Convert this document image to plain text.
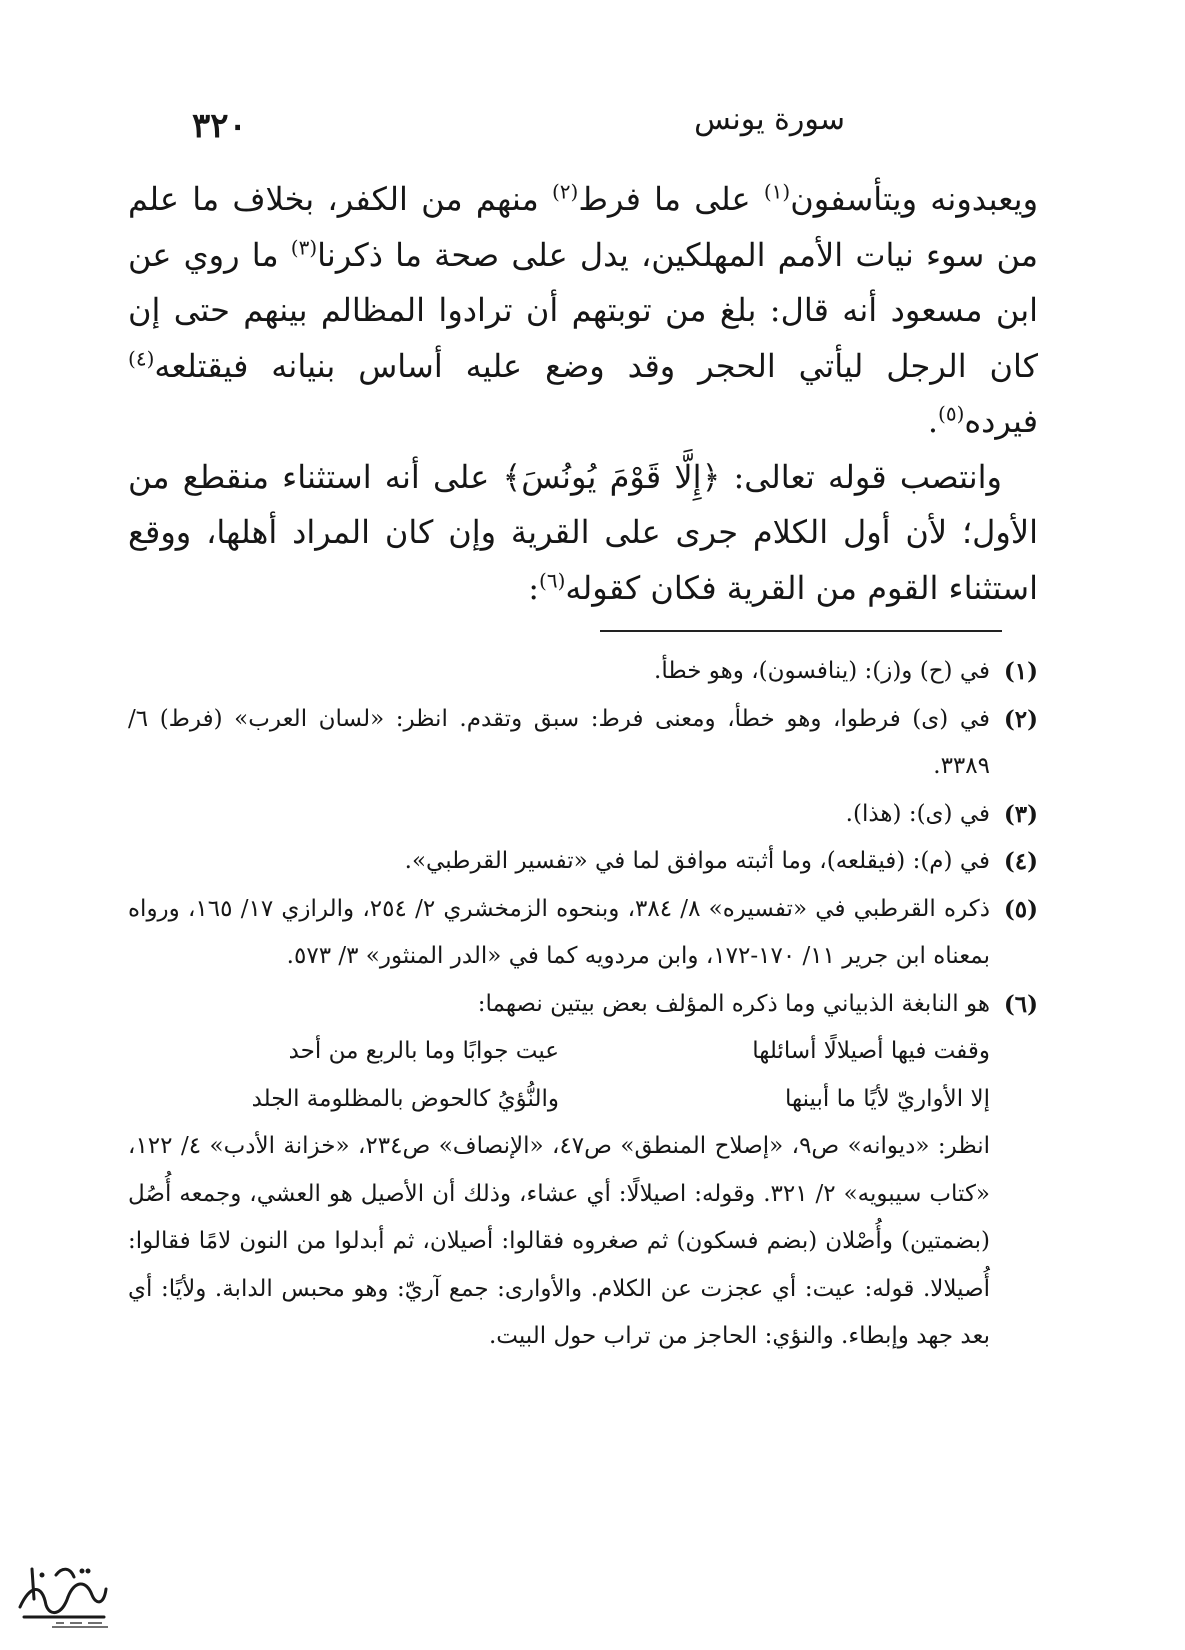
سورة يونس
٣٢٠

ويعبدونه ويتأسفون$^{(١)}$ على ما فرط$^{(٢)}$ منهم من الكفر، بخلاف ما علم من سوء نيات الأمم المهلكين، يدل على صحة ما ذكرنا$^{(٣)}$ ما روي عن ابن مسعود أنه قال: بلغ من توبتهم أن ترادوا المظالم بينهم حتى إن كان الرجل ليأتي الحجر وقد وضع عليه أساس بنيانه فيقتلعه$^{(٤)}$ فيرده$^{(٥)}$.

وانتصب قوله تعالى: ﴿إِلَّا قَوْمَ يُونُسَ﴾ على أنه استثناء منقطع من الأول؛ لأن أول الكلام جرى على القرية وإن كان المراد أهلها، ووقع استثناء القوم من القرية فكان كقوله$^{(٦)}$:

(١)
في (ح) و(ز): (ينافسون)، وهو خطأ.
(٢)
في (ى) فرطوا، وهو خطأ، ومعنى فرط: سبق وتقدم. انظر: «لسان العرب» (فرط) ٦/ ٣٣٨٩.
(٣)
في (ى): (هذا).
(٤)
في (م): (فيقلعه)، وما أثبته موافق لما في «تفسير القرطبي».
(٥)
ذكره القرطبي في «تفسيره» ٨/ ٣٨٤، وبنحوه الزمخشري ٢/ ٢٥٤، والرازي ١٧/ ١٦٥، ورواه بمعناه ابن جرير ١١/ ١٧٠-١٧٢، وابن مردويه كما في «الدر المنثور» ٣/ ٥٧٣.
(٦)
هو النابغة الذبياني وما ذكره المؤلف بعض بيتين نصهما:
وقفت فيها أصيلالًا أسائلها
عيت جوابًا وما بالربع من أحد
إلا الأواريّ لأيًا ما أبينها
والنُّؤيُ كالحوض بالمظلومة الجلد
انظر: «ديوانه» ص٩، «إصلاح المنطق» ص٤٧، «الإنصاف» ص٢٣٤، «خزانة الأدب» ٤/ ١٢٢، «كتاب سيبويه» ٢/ ٣٢١. وقوله: اصيلالًا: أي عشاء، وذلك أن الأصيل هو العشي، وجمعه أُصُل (بضمتين) وأُصْلان (بضم فسكون) ثم صغروه فقالوا: أصيلان، ثم أبدلوا من النون لامًا فقالوا: أُصيلالا. قوله: عيت: أي عجزت عن الكلام. والأوارى: جمع آريّ: وهو محبس الدابة. ولأيًا: أي بعد جهد وإبطاء. والنؤي: الحاجز من تراب حول البيت.
